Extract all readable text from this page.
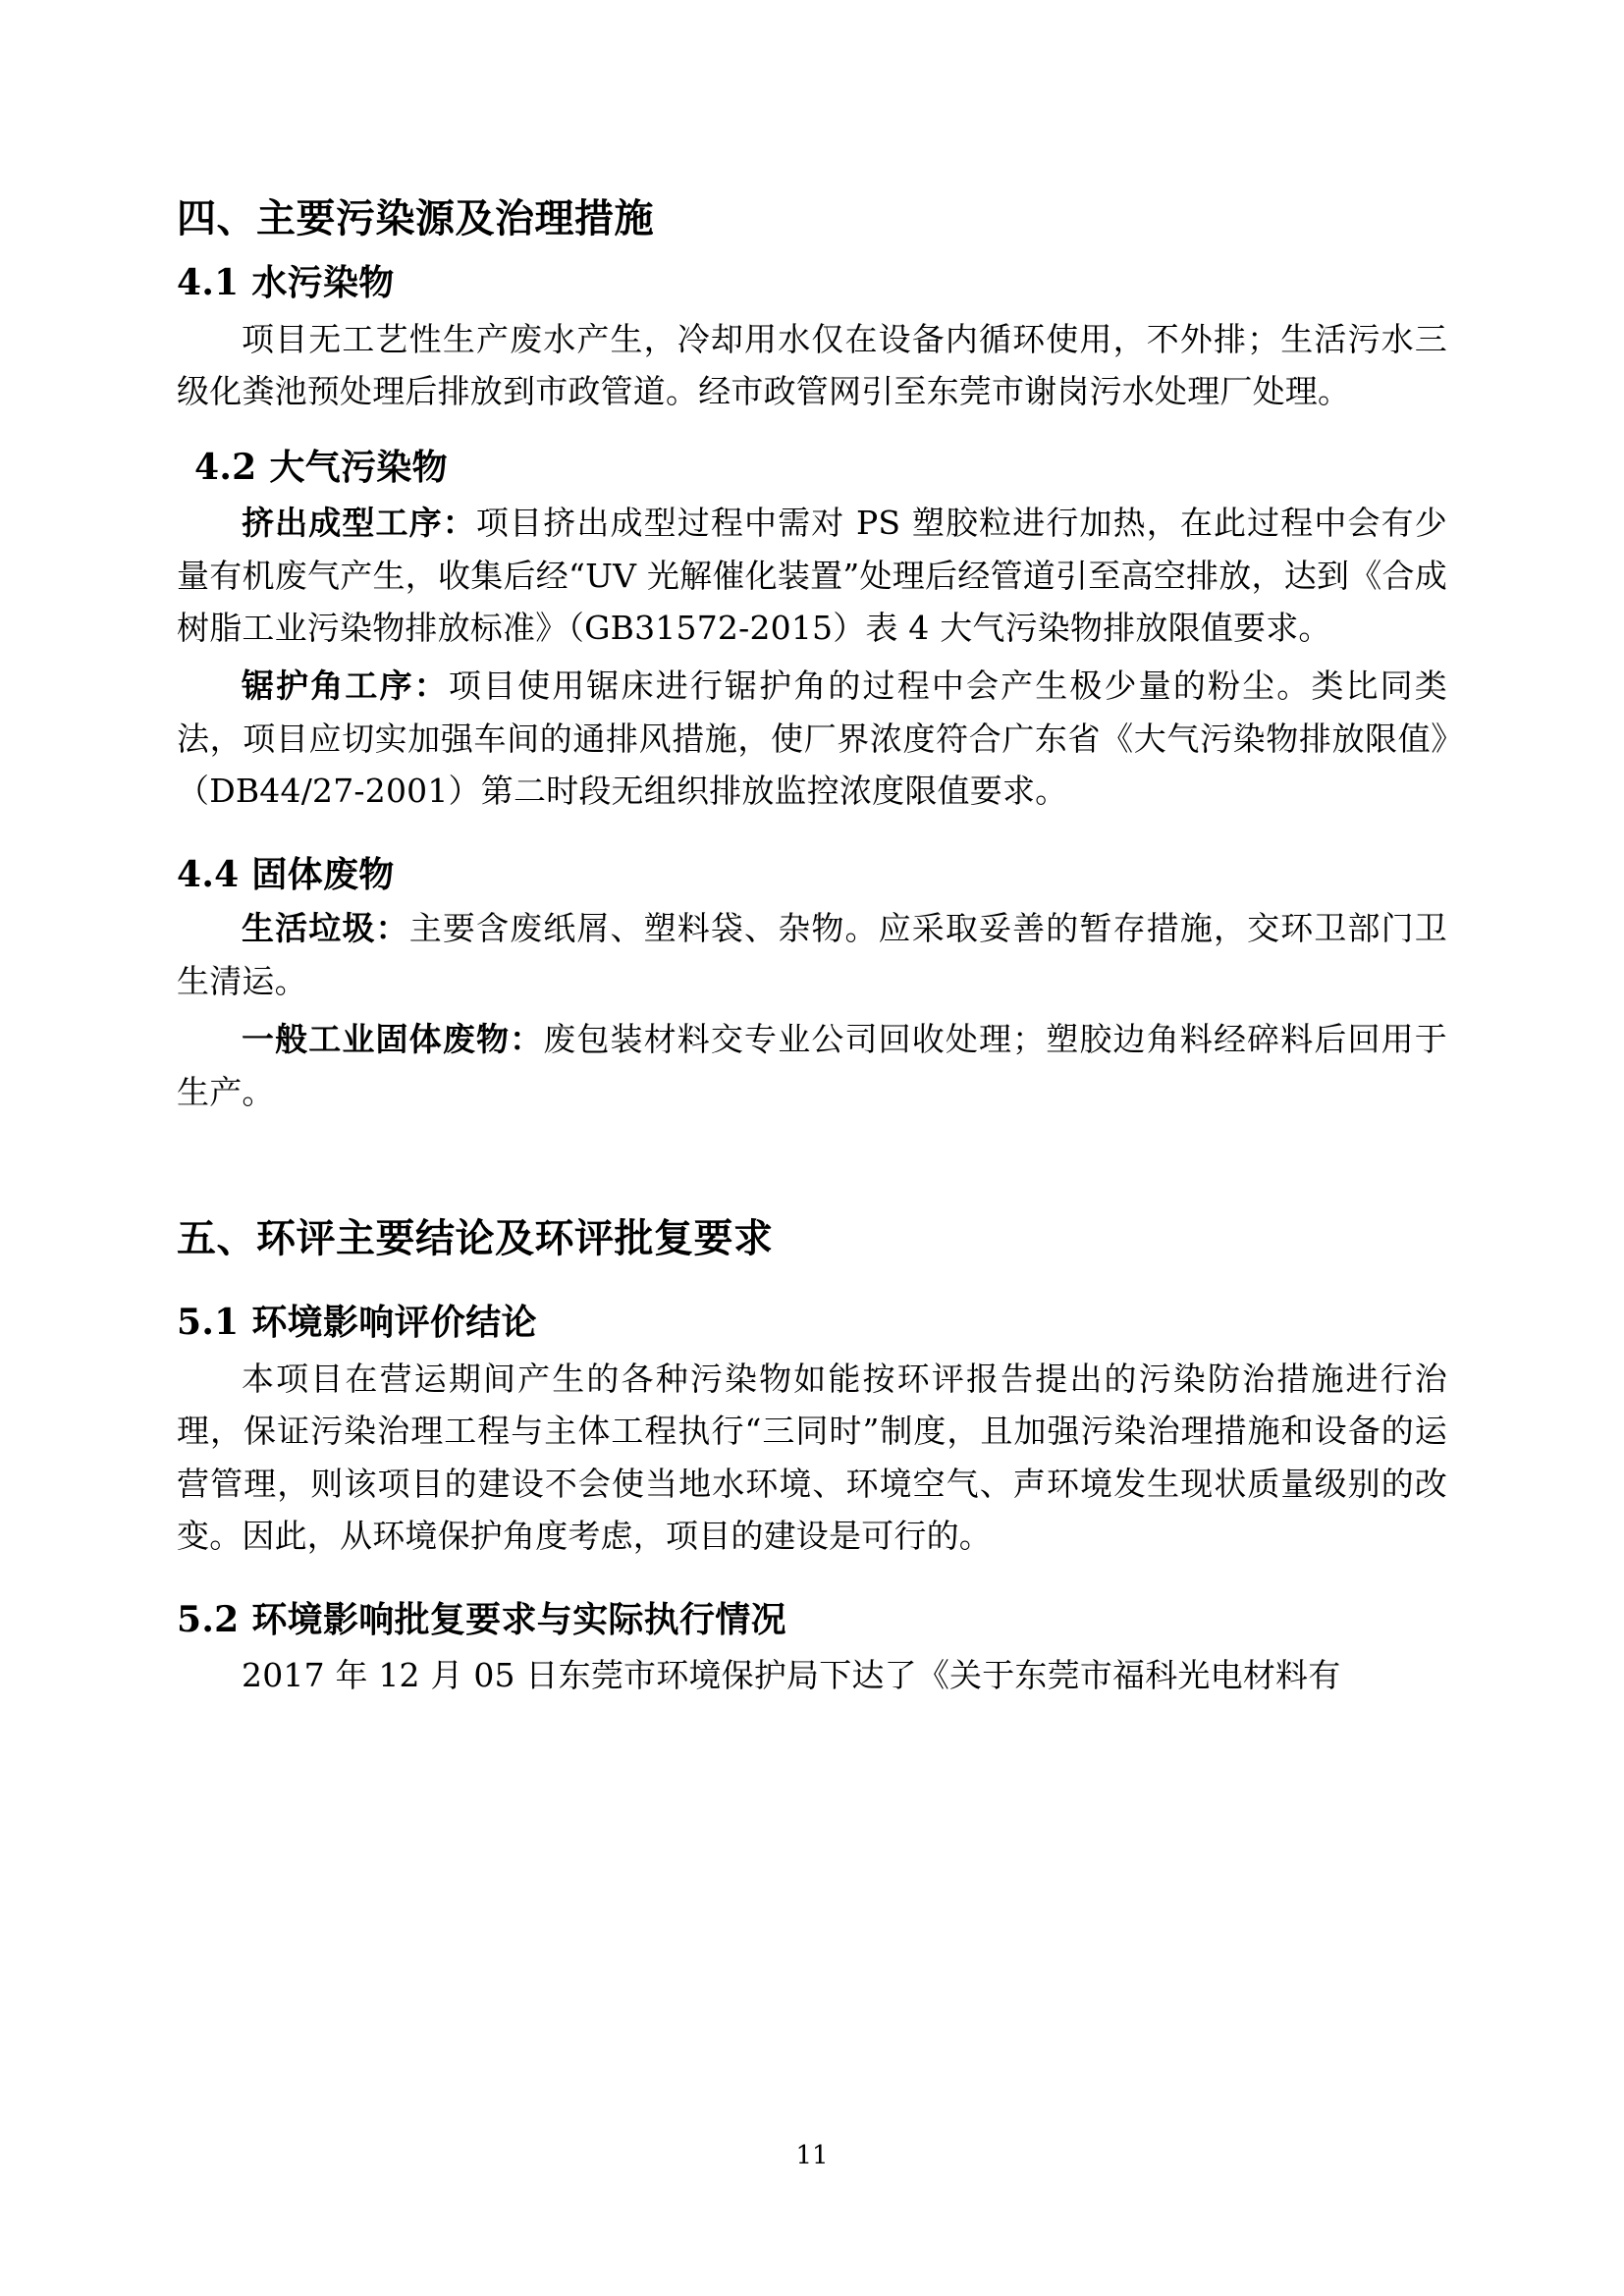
四、主要污染源及治理措施
4.1 水污染物

项目无工艺性生产废水产生，冷却用水仅在设备内循环使用，不外排；生活污水三级化粪池预处理后排放到市政管道。经市政管网引至东莞市谢岗污水处理厂处理。

4.2 大气污染物

挤出成型工序：项目挤出成型过程中需对 PS 塑胶粒进行加热，在此过程中会有少量有机废气产生，收集后经“UV 光解催化装置”处理后经管道引至高空排放，达到《合成树脂工业污染物排放标准》（GB31572-2015）表 4 大气污染物排放限值要求。

锯护角工序：项目使用锯床进行锯护角的过程中会产生极少量的粉尘。类比同类法，项目应切实加强车间的通排风措施，使厂界浓度符合广东省《大气污染物排放限值》（DB44/27-2001）第二时段无组织排放监控浓度限值要求。

4.4 固体废物

生活垃圾：主要含废纸屑、塑料袋、杂物。应采取妥善的暂存措施，交环卫部门卫生清运。

一般工业固体废物：废包装材料交专业公司回收处理；塑胶边角料经碎料后回用于生产。

五、环评主要结论及环评批复要求
5.1 环境影响评价结论

本项目在营运期间产生的各种污染物如能按环评报告提出的污染防治措施进行治理，保证污染治理工程与主体工程执行“三同时”制度，且加强污染治理措施和设备的运营管理，则该项目的建设不会使当地水环境、环境空气、声环境发生现状质量级别的改变。因此，从环境保护角度考虑，项目的建设是可行的。

5.2 环境影响批复要求与实际执行情况

2017 年 12 月 05 日东莞市环境保护局下达了《关于东莞市福科光电材料有

11
